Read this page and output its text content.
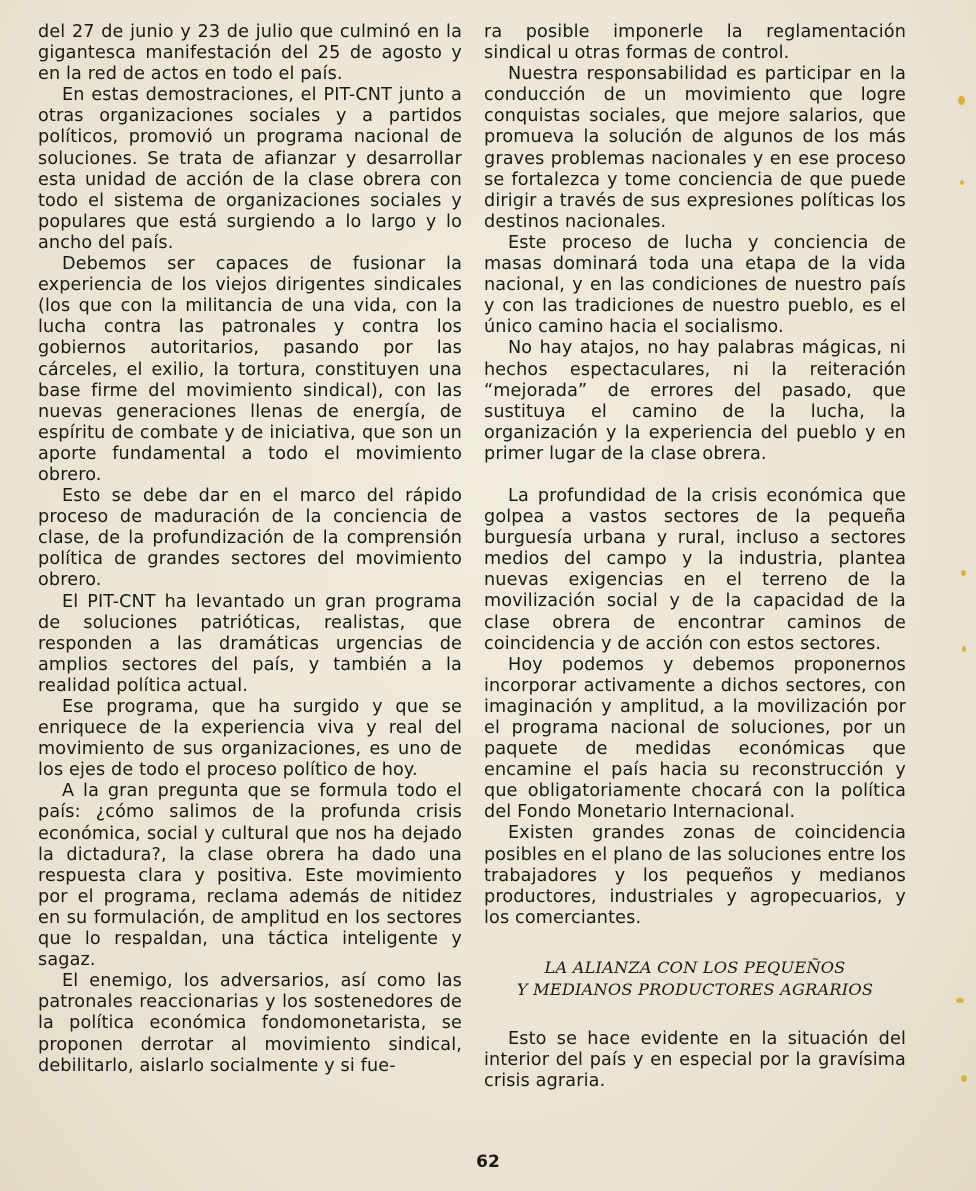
del 27 de junio y 23 de julio que culminó en la gigantesca manifestación del 25 de agosto y en la red de actos en todo el país.

En estas demostraciones, el PIT-CNT junto a otras organizaciones sociales y a partidos políticos, promovió un programa nacional de soluciones. Se trata de afianzar y desarrollar esta unidad de acción de la clase obrera con todo el sistema de organizaciones sociales y populares que está surgiendo a lo largo y lo ancho del país.

Debemos ser capaces de fusionar la experiencia de los viejos dirigentes sindicales (los que con la militancia de una vida, con la lucha contra las patronales y contra los gobiernos autoritarios, pasando por las cárceles, el exilio, la tortura, constituyen una base firme del movimiento sindical), con las nuevas generaciones llenas de energía, de espíritu de combate y de iniciativa, que son un aporte fundamental a todo el movimiento obrero.

Esto se debe dar en el marco del rápido proceso de maduración de la conciencia de clase, de la profundización de la comprensión política de grandes sectores del movimiento obrero.

El PIT-CNT ha levantado un gran programa de soluciones patrióticas, realistas, que responden a las dramáticas urgencias de amplios sectores del país, y también a la realidad política actual.

Ese programa, que ha surgido y que se enriquece de la experiencia viva y real del movimiento de sus organizaciones, es uno de los ejes de todo el proceso político de hoy.

A la gran pregunta que se formula todo el país: ¿cómo salimos de la profunda crisis económica, social y cultural que nos ha dejado la dictadura?, la clase obrera ha dado una respuesta clara y positiva. Este movimiento por el programa, reclama además de nitidez en su formulación, de amplitud en los sectores que lo respaldan, una táctica inteligente y sagaz.

El enemigo, los adversarios, así como las patronales reaccionarias y los sostenedores de la política económica fondomonetarista, se proponen derrotar al movimiento sindical, debilitarlo, aislarlo socialmente y si fue-

ra posible imponerle la reglamentación sindical u otras formas de control.

Nuestra responsabilidad es participar en la conducción de un movimiento que logre conquistas sociales, que mejore salarios, que promueva la solución de algunos de los más graves problemas nacionales y en ese proceso se fortalezca y tome conciencia de que puede dirigir a través de sus expresiones políticas los destinos nacionales.

Este proceso de lucha y conciencia de masas dominará toda una etapa de la vida nacional, y en las condiciones de nuestro país y con las tradiciones de nuestro pueblo, es el único camino hacia el socialismo.

No hay atajos, no hay palabras mágicas, ni hechos espectaculares, ni la reiteración “mejorada” de errores del pasado, que sustituya el camino de la lucha, la organización y la experiencia del pueblo y en primer lugar de la clase obrera.

La profundidad de la crisis económica que golpea a vastos sectores de la pequeña burguesía urbana y rural, incluso a sectores medios del campo y la industria, plantea nuevas exigencias en el terreno de la movilización social y de la capacidad de la clase obrera de encontrar caminos de coincidencia y de acción con estos sectores.

Hoy podemos y debemos proponernos incorporar activamente a dichos sectores, con imaginación y amplitud, a la movilización por el programa nacional de soluciones, por un paquete de medidas económicas que encamine el país hacia su reconstrucción y que obligatoriamente chocará con la política del Fondo Monetario Internacional.

Existen grandes zonas de coincidencia posibles en el plano de las soluciones entre los trabajadores y los pequeños y medianos productores, industriales y agropecuarios, y los comerciantes.

LA ALIANZA CON LOS PEQUEÑOS
Y MEDIANOS PRODUCTORES AGRARIOS

Esto se hace evidente en la situación del interior del país y en especial por la gravísima crisis agraria.

62
